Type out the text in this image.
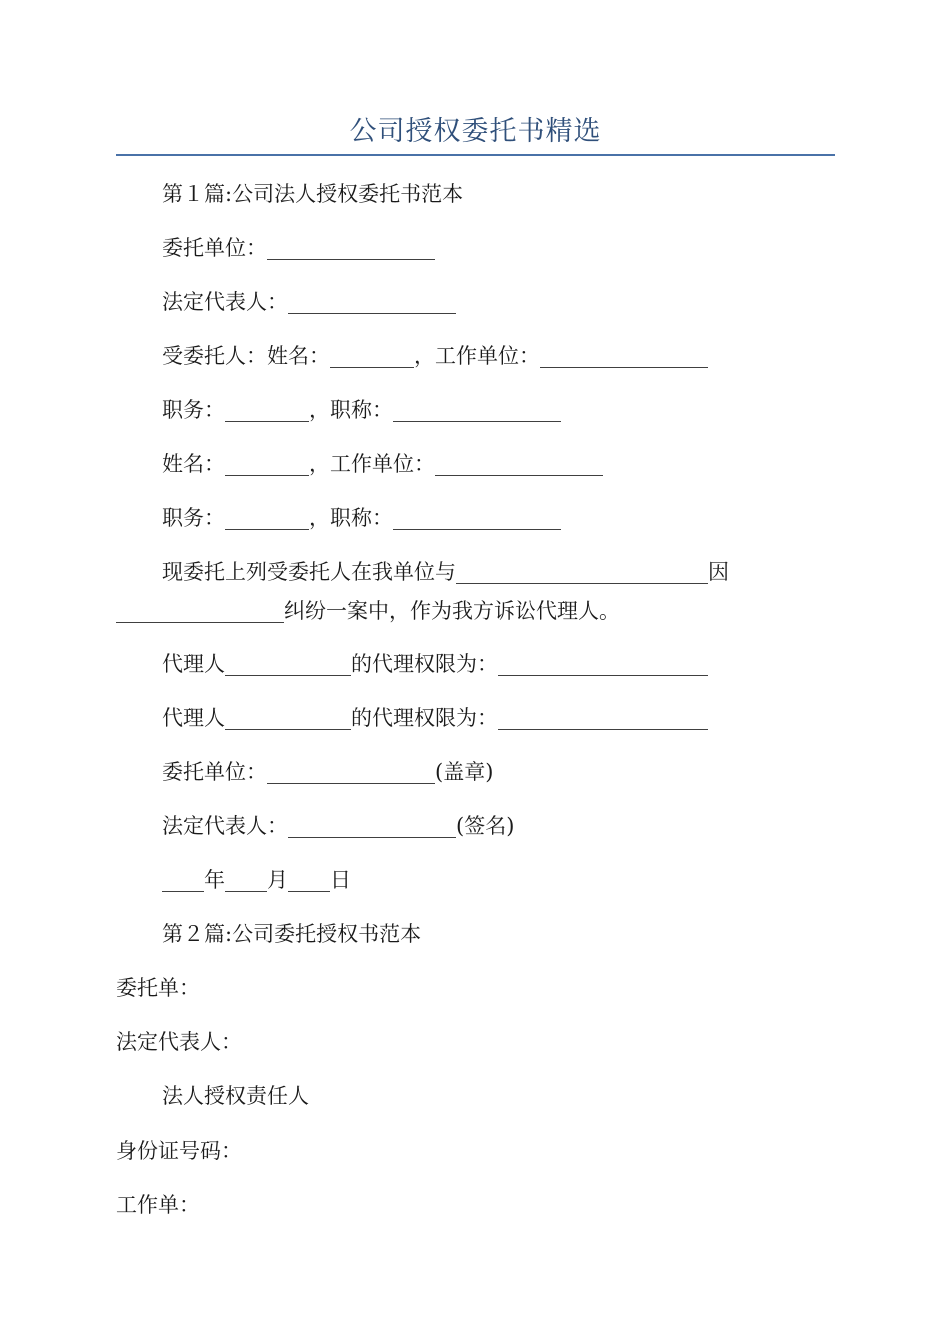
公司授权委托书精选
第１篇:公司法人授权委托书范本
委托单位：________________
法定代表人：________________
受委托人：姓名：________，工作单位：________________
职务：________，职称：________________
姓名：________，工作单位：________________
职务：________，职称：________________
现委托上列受委托人在我单位与________________________因
________________纠纷一案中，作为我方诉讼代理人。
代理人____________的代理权限为：____________________
代理人____________的代理权限为：____________________
委托单位：________________(盖章)
法定代表人：________________(签名)
____年____月____日
第２篇:公司委托授权书范本
委托单：
法定代表人：
法人授权责任人
身份证号码：
工作单：
